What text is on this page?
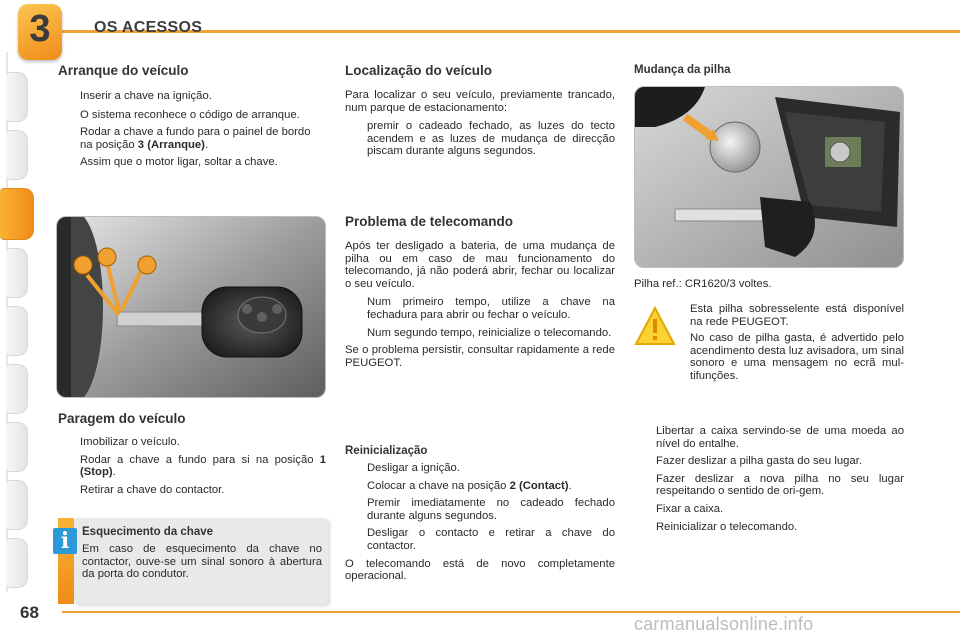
3	OS ACESSOS
Arranque do veículo
Inserir a chave na ignição.

O sistema reconhece o código de arranque.

Rodar a chave a fundo para o painel de bordo na posição 3 (Arranque).
Assim que o motor ligar, soltar a chave.
Paragem do veículo
Imobilizar o veículo.
Rodar a chave a fundo para si na posição 1 (Stop).
Retirar a chave do contactor.
Esquecimento da chave

Em caso de esquecimento da chave no contactor, ouve-se um sinal sonoro à abertura da porta do condutor.

i
Localização do veículo

Para localizar o seu veículo, previamente trancado, num parque de estacionamento:

premir o cadeado fechado, as luzes do tecto acendem e as luzes de mudança de direcção piscam durante alguns segundos.
Problema de telecomando

Após ter desligado a bateria, de uma mudança de pilha ou em caso de mau funcionamento do telecomando, já não poderá abrir, fechar ou localizar o seu veículo.

Num primeiro tempo, utilize a chave na fechadura para abrir ou fechar o veículo.
Num segundo tempo, reinicialize o telecomando.

Se o problema persistir, consultar rapidamente a rede PEUGEOT.

Reinicialização
Desligar a ignição.
Colocar a chave na posição 2 (Contact).
Premir imediatamente no cadeado fechado durante alguns segundos.
Desligar o contacto e retirar a chave do contactor.

O telecomando está de novo completamente operacional.

Mudança da pilha

Pilha ref.: CR1620/3 voltes.

Esta pilha sobresselente está disponível na rede PEUGEOT.

No caso de pilha gasta, é advertido pelo acendimento desta luz avisadora, um sinal sonoro e uma mensagem no ecrã mul-tifunções.

Libertar a caixa servindo-se de uma moeda ao nível do entalhe.
Fazer deslizar a pilha gasta do seu lugar.
Fazer deslizar a nova pilha no seu lugar respeitando o sentido de ori-gem.
Fixar a caixa.
Reinicializar o telecomando.
68
carmanualsonline.info
